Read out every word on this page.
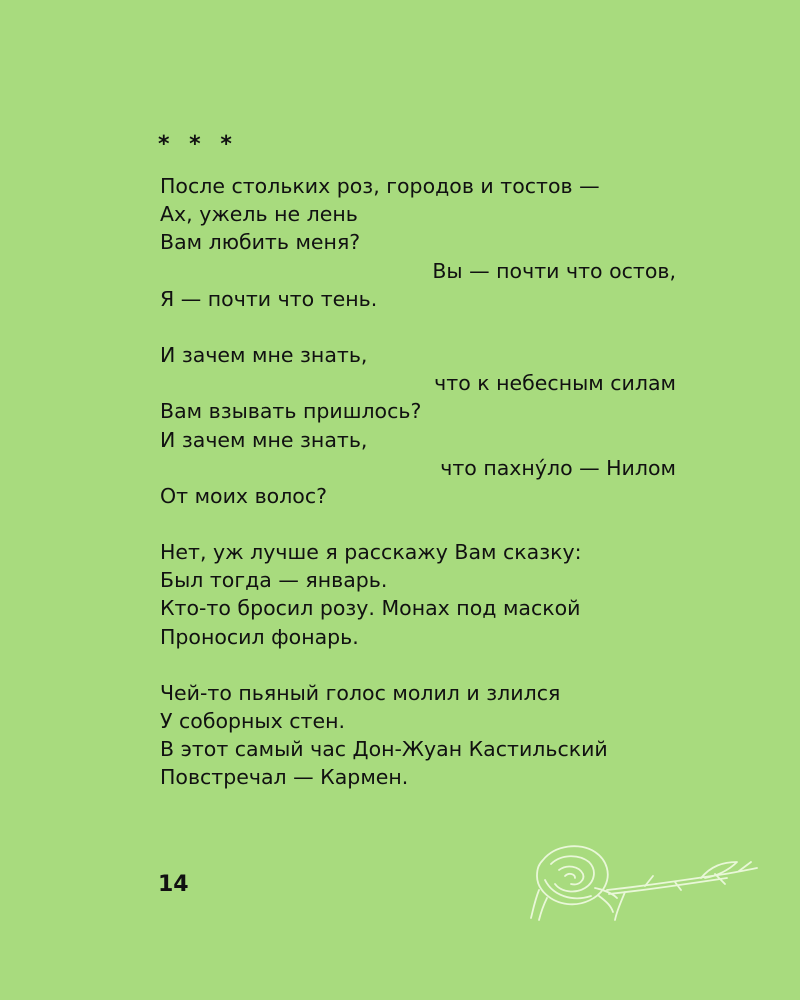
* * *
После стольких роз, городов и тостов —
Ах, ужель не лень
Вам любить меня?
Вы — почти что остов,
Я — почти что тень.
И зачем мне знать,
что к небесным силам
Вам взывать пришлось?
И зачем мне знать,
что пахнýло — Нилом
От моих волос?
Нет, уж лучше я расскажу Вам сказку:
Был тогда — январь.
Кто-то бросил розу. Монах под маской
Проносил фонарь.
Чей-то пьяный голос молил и злился
У соборных стен.
В этот самый час Дон-Жуан Кастильский
Повстречал — Кармен.
14
